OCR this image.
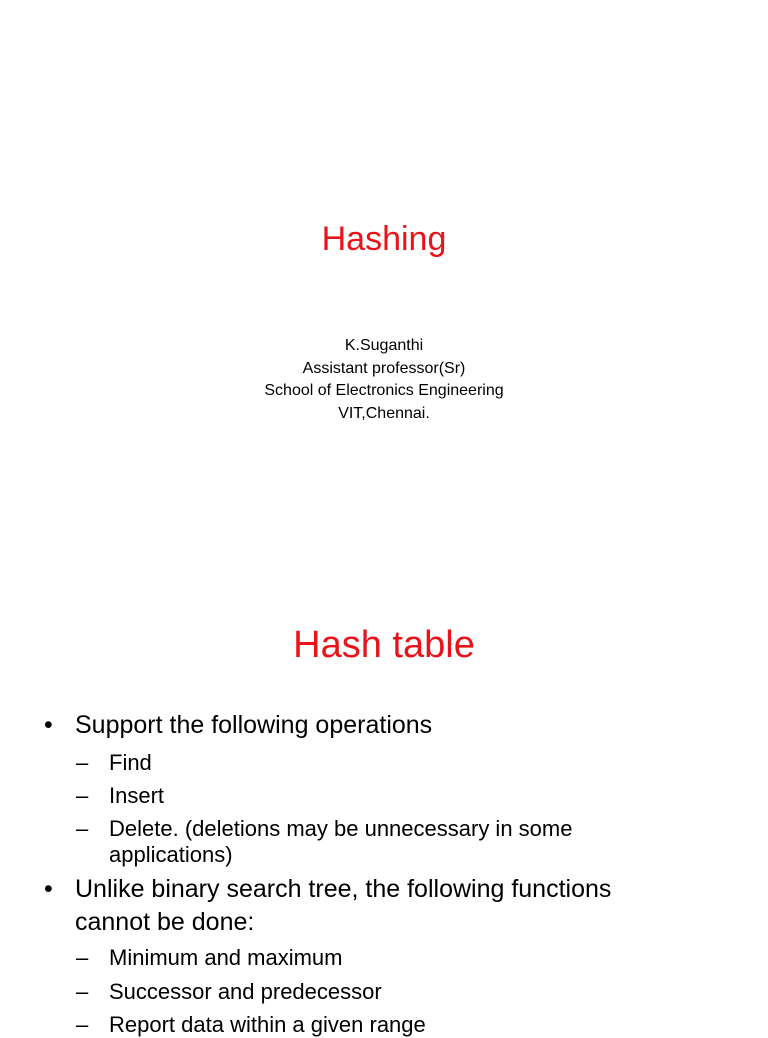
Hashing
K.Suganthi
Assistant professor(Sr)
School of Electronics Engineering
VIT,Chennai.
Hash table
• Support the following operations
– Find
– Insert
– Delete. (deletions may be unnecessary in some
applications)
• Unlike binary search tree, the following functions
cannot be done:
– Minimum and maximum
– Successor and predecessor
– Report data within a given range
